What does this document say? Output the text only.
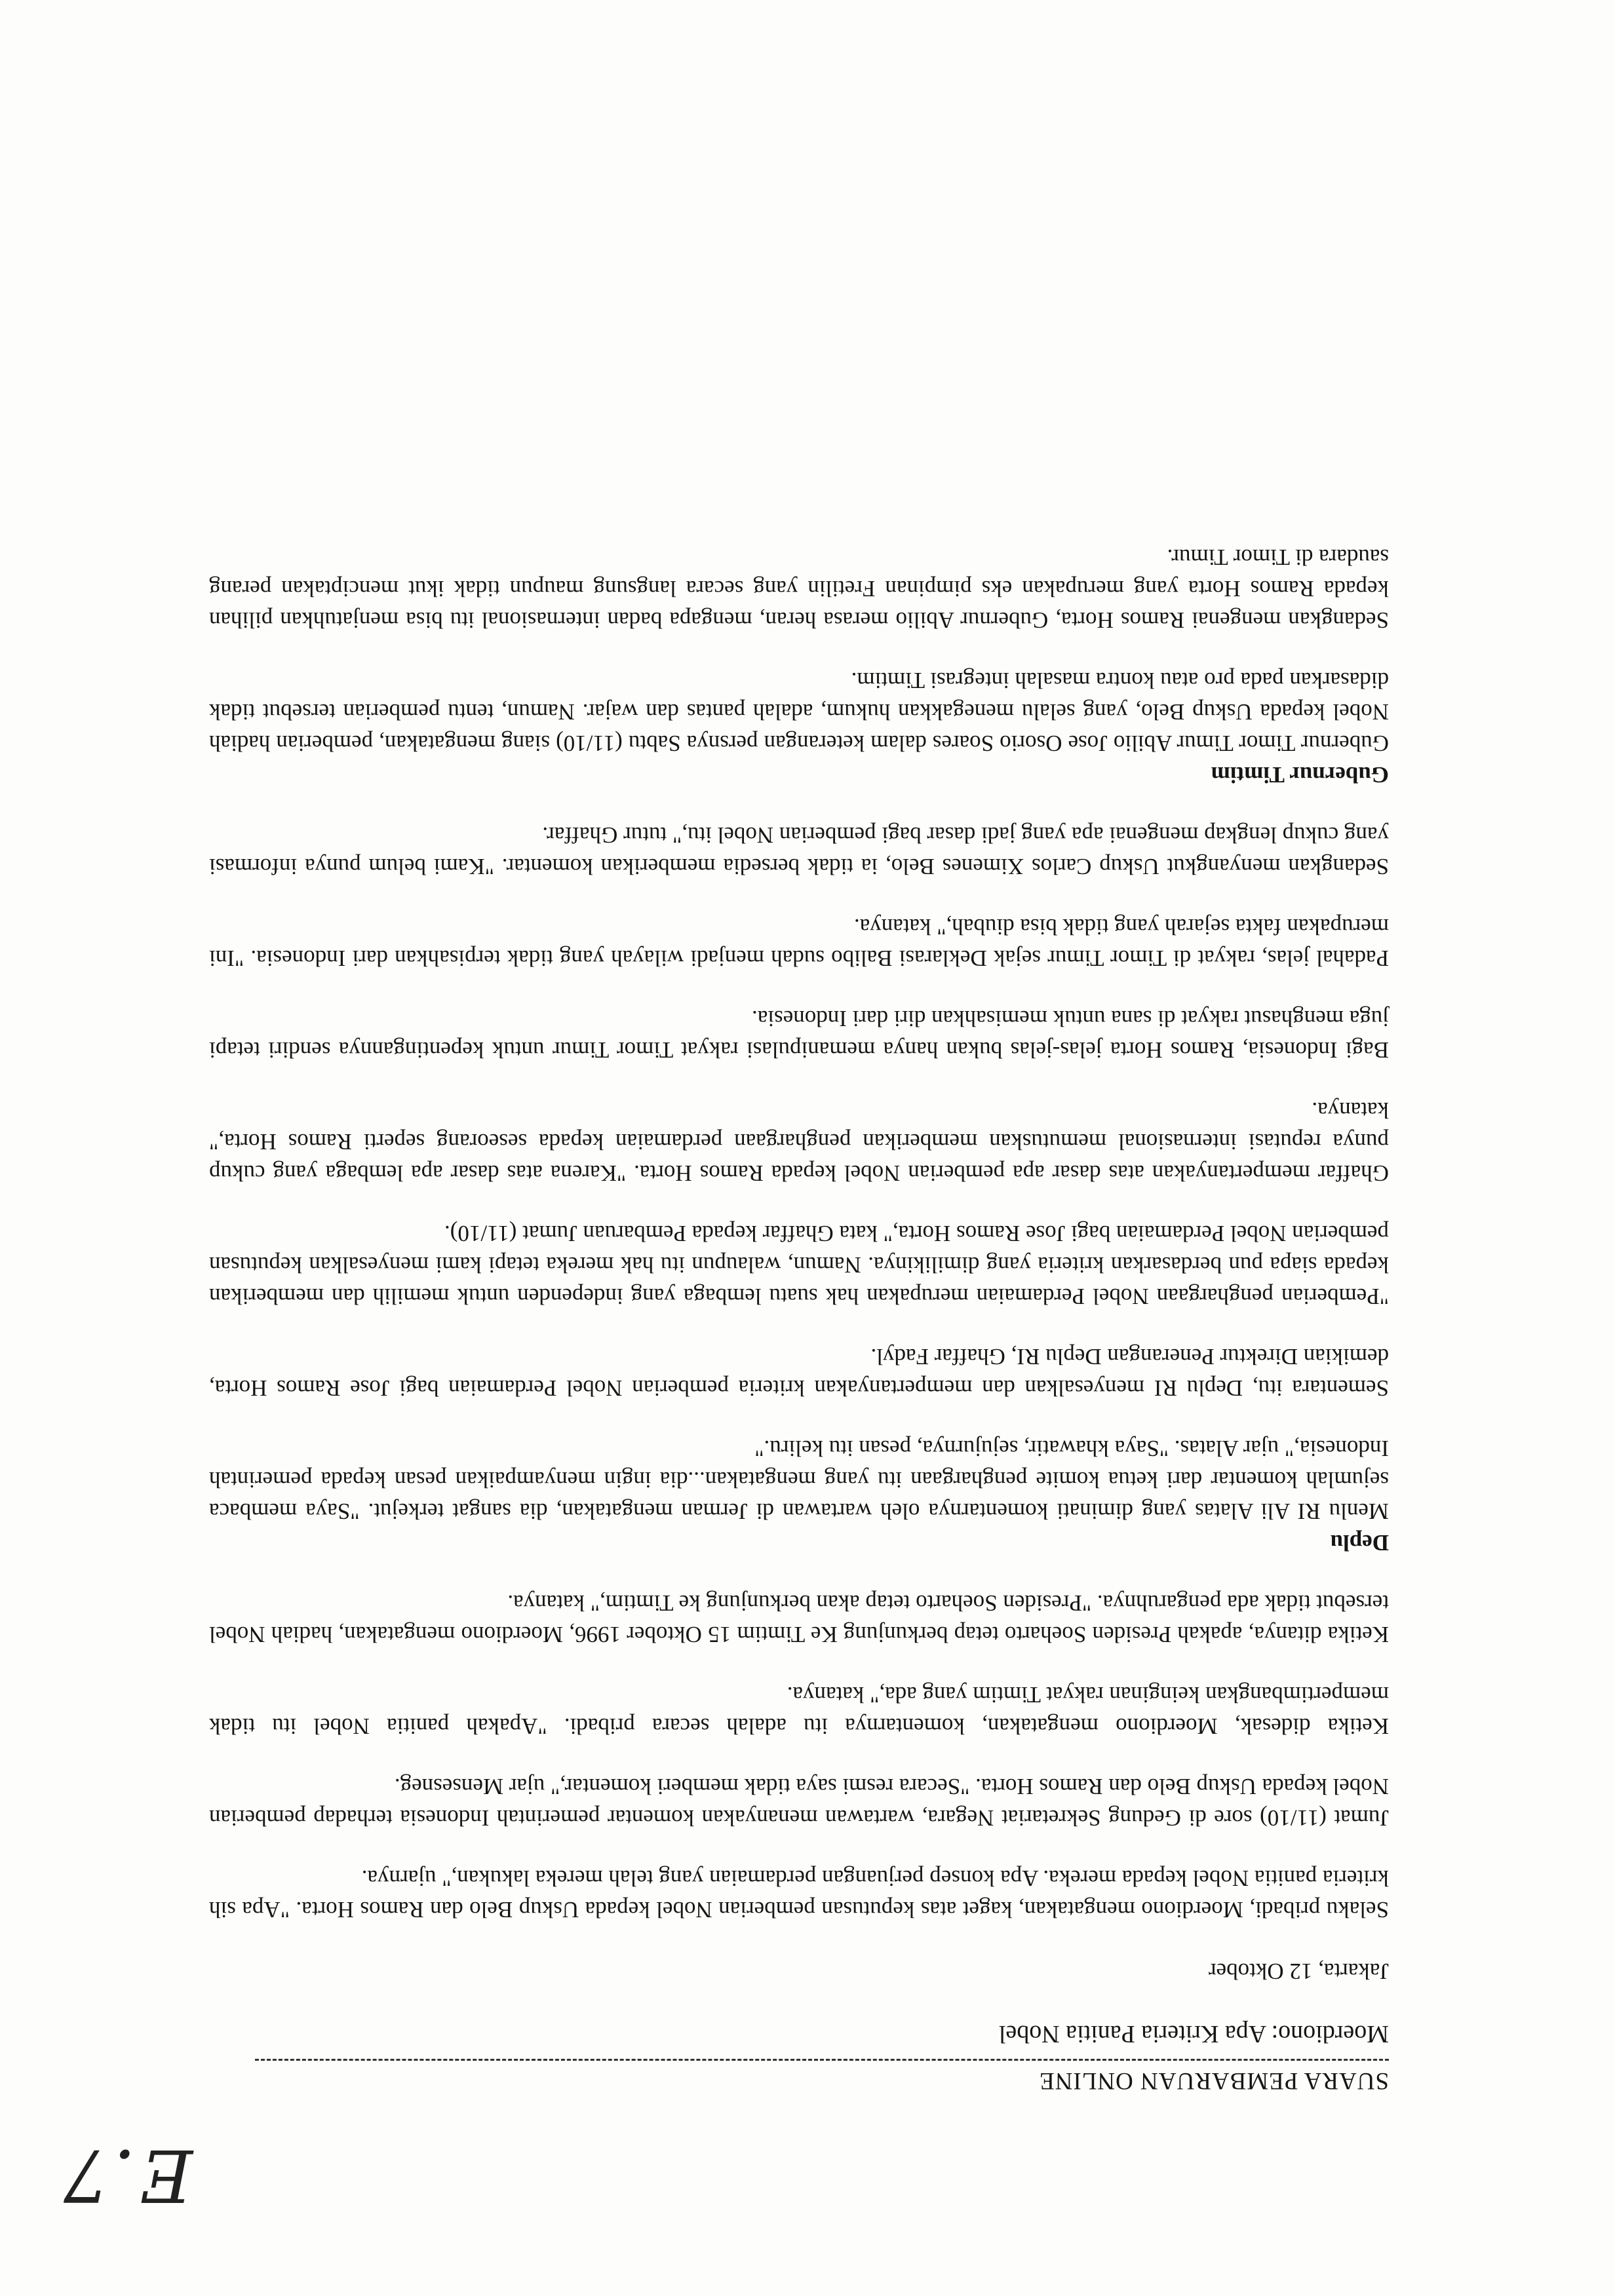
E.7

SUARA PEMBARUAN ONLINE

Moerdiono: Apa Kriteria Panitia Nobel

Jakarta, 12 Oktober

Selaku pribadi, Moerdiono mengatakan, kaget atas keputusan pemberian Nobel kepada Uskup Belo dan Ramos Horta. "Apa sih kriteria panitia Nobel kepada mereka. Apa konsep perjuangan perdamaian yang telah mereka lakukan," ujarnya.

Jumat (11/10) sore di Gedung Sekretariat Negara, wartawan menanyakan komentar pemerintah Indonesia terhadap pemberian Nobel kepada Uskup Belo dan Ramos Horta. "Secara resmi saya tidak memberi komentar," ujar Mensesneg.

Ketika didesak, Moerdiono mengatakan, komentarnya itu adalah secara pribadi. "Apakah panitia Nobel itu tidak mempertimbangkan keinginan rakyat Timtim yang ada," katanya.

Ketika ditanya, apakah Presiden Soeharto tetap berkunjung Ke Timtim 15 Oktober 1996, Moerdiono mengatakan, hadiah Nobel tersebut tidak ada pengaruhnya. "Presiden Soeharto tetap akan berkunjung ke Timtim," katanya.

Deplu

Menlu RI Ali Alatas yang diminati komentarnya oleh wartawan di Jerman mengatakan, dia sangat terkejut. "Saya membaca sejumlah komentar dari ketua komite penghargaan itu yang mengatakan...dia ingin menyampaikan pesan kepada pemerintah Indonesia," ujar Alatas. "Saya khawatir, sejujurnya, pesan itu keliru."

Sementara itu, Deplu RI menyesalkan dan mempertanyakan kriteria pemberian Nobel Perdamaian bagi Jose Ramos Horta, demikian Direktur Penerangan Deplu RI, Ghaffar Fadyl.

"Pemberian penghargaan Nobel Perdamaian merupakan hak suatu lembaga yang independen untuk memilih dan memberikan kepada siapa pun berdasarkan kriteria yang dimilikinya. Namun, walaupun itu hak mereka tetapi kami menyesalkan keputusan pemberian Nobel Perdamaian bagi Jose Ramos Horta," kata Ghaffar kepada Pembaruan Jumat (11/10).

Ghaffar mempertanyakan atas dasar apa pemberian Nobel kepada Ramos Horta. "Karena atas dasar apa lembaga yang cukup punya reputasi internasional memutuskan memberikan penghargaan perdamaian kepada seseorang seperti Ramos Horta," katanya.

Bagi Indonesia, Ramos Horta jelas-jelas bukan hanya memanipulasi rakyat Timor Timur untuk kepentingannya sendiri tetapi juga menghasut rakyat di sana untuk memisahkan diri dari Indonesia.

Padahal jelas, rakyat di Timor Timur sejak Deklarasi Balibo sudah menjadi wilayah yang tidak terpisahkan dari Indonesia. "Ini merupakan fakta sejarah yang tidak bisa diubah," katanya.

Sedangkan menyangkut Uskup Carlos Ximenes Belo, ia tidak bersedia memberikan komentar. "Kami belum punya informasi yang cukup lengkap mengenai apa yang jadi dasar bagi pemberian Nobel itu," tutur Ghaffar.

Gubernur Timtim

Gubernur Timor Timur Abilio Jose Osorio Soares dalam keterangan persnya Sabtu (11/10) siang mengatakan, pemberian hadiah Nobel kepada Uskup Belo, yang selalu menegakkan hukum, adalah pantas dan wajar. Namun, tentu pemberian tersebut tidak didasarkan pada pro atau kontra masalah integrasi Timtim.

Sedangkan mengenai Ramos Horta, Gubernur Abilio merasa heran, mengapa badan internasional itu bisa menjatuhkan pilihan kepada Ramos Horta yang merupakan eks pimpinan Fretilin yang secara langsung maupun tidak ikut menciptakan perang saudara di Timor Timur.
